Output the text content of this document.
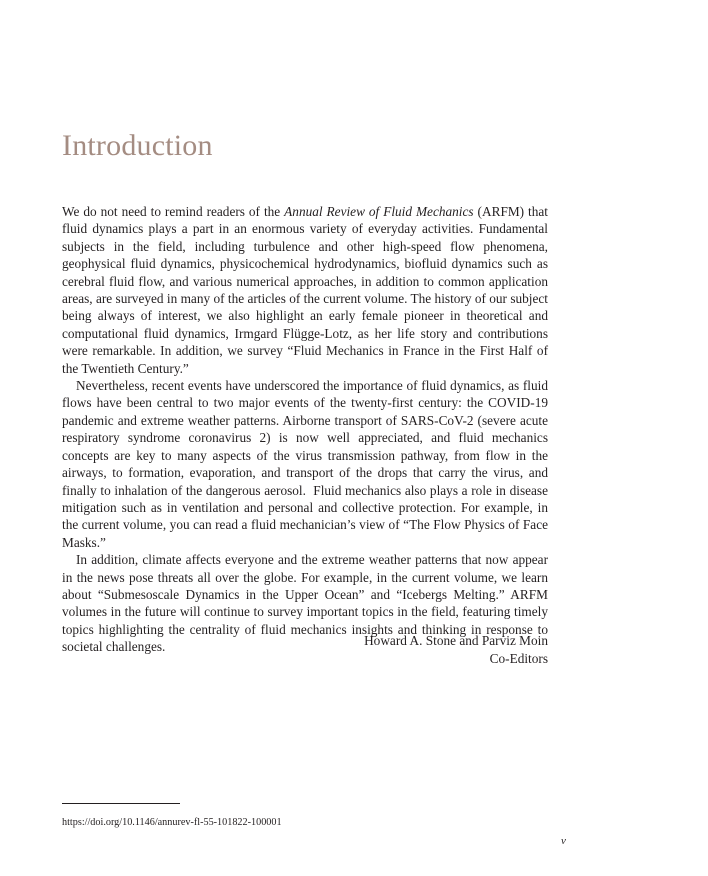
Introduction

We do not need to remind readers of the Annual Review of Fluid Mechanics (ARFM) that fluid dynamics plays a part in an enormous variety of everyday activities. Fundamental subjects in the field, including turbulence and other high-speed flow phenomena, geophysical fluid dynamics, physicochemical hydrodynamics, biofluid dynamics such as cerebral fluid flow, and various numerical approaches, in addition to common application areas, are surveyed in many of the articles of the current volume. The history of our subject being always of interest, we also highlight an early female pioneer in theoretical and computational fluid dynamics, Irmgard Flügge-Lotz, as her life story and contributions were remarkable. In addition, we survey “Fluid Mechanics in France in the First Half of the Twentieth Century.”

Nevertheless, recent events have underscored the importance of fluid dynamics, as fluid flows have been central to two major events of the twenty-first century: the COVID-19 pandemic and extreme weather patterns. Airborne transport of SARS-CoV-2 (severe acute respiratory syndrome coronavirus 2) is now well appreciated, and fluid mechanics concepts are key to many aspects of the virus transmission pathway, from flow in the airways, to formation, evaporation, and transport of the drops that carry the virus, and finally to inhalation of the dangerous aerosol.  Fluid mechanics also plays a role in disease mitigation such as in ventilation and personal and collective protection. For example, in the current volume, you can read a fluid mechanician’s view of “The Flow Physics of Face Masks.”

In addition, climate affects everyone and the extreme weather patterns that now appear in the news pose threats all over the globe. For example, in the current volume, we learn about “Submesoscale Dynamics in the Upper Ocean” and “Icebergs Melting.” ARFM volumes in the future will continue to survey important topics in the field, featuring timely topics highlighting the centrality of fluid mechanics insights and thinking in response to societal challenges.	Howard A. Stone and Parviz Moin
Co-Editors
https://doi.org/10.1146/annurev-fl-55-101822-100001
v
